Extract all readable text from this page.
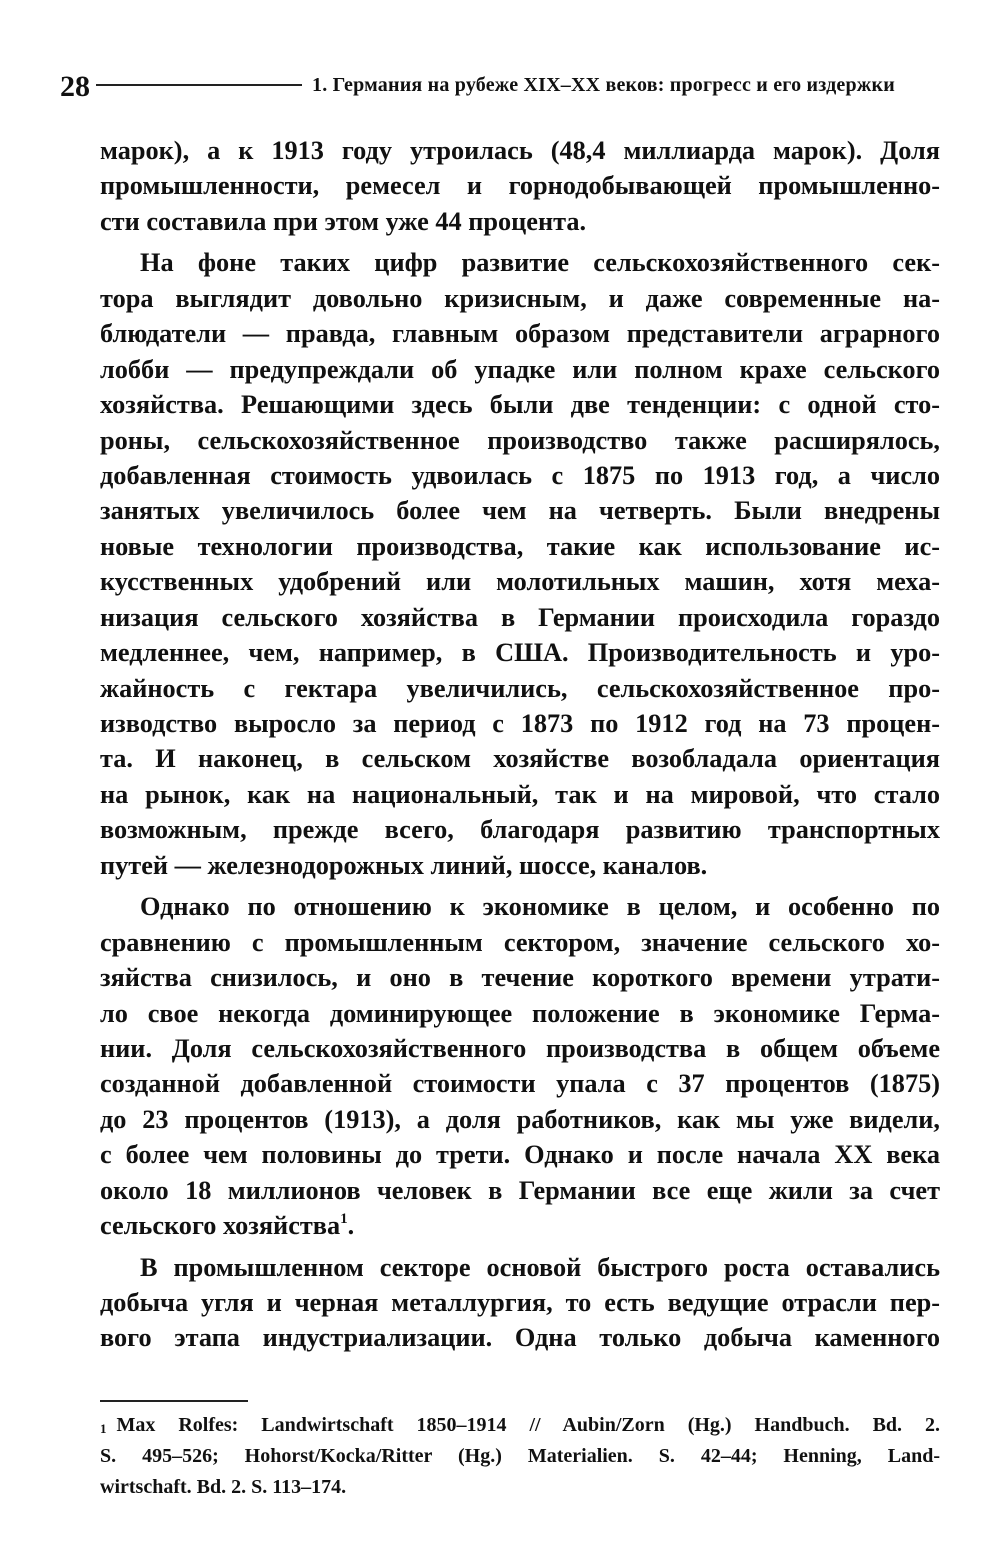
28	1. Германия на рубеже XIX–XX веков: прогресс и его издержки
марок), а к 1913 году утроилась (48,4 миллиарда марок). Доля
промышленности, ремесел и горнодобывающей промышленно-
сти составила при этом уже 44 процента.
На фоне таких цифр развитие сельскохозяйственного сек-
тора выглядит довольно кризисным, и даже современные на-
блюдатели — правда, главным образом представители аграрного
лобби — предупреждали об упадке или полном крахе сельского
хозяйства. Решающими здесь были две тенденции: с одной сто-
роны, сельскохозяйственное производство также расширялось,
добавленная стоимость удвоилась с 1875 по 1913 год, а число
занятых увеличилось более чем на четверть. Были внедрены
новые технологии производства, такие как использование ис-
кусственных удобрений или молотильных машин, хотя меха-
низация сельского хозяйства в Германии происходила гораздо
медленнее, чем, например, в США. Производительность и уро-
жайность с гектара увеличились, сельскохозяйственное про-
изводство выросло за период с 1873 по 1912 год на 73 процен-
та. И наконец, в сельском хозяйстве возобладала ориентация
на рынок, как на национальный, так и на мировой, что стало
возможным, прежде всего, благодаря развитию транспортных
путей — железнодорожных линий, шоссе, каналов.
Однако по отношению к экономике в целом, и особенно по
сравнению с промышленным сектором, значение сельского хо-
зяйства снизилось, и оно в течение короткого времени утрати-
ло свое некогда доминирующее положение в экономике Герма-
нии. Доля сельскохозяйственного производства в общем объеме
созданной добавленной стоимости упала с 37 процентов (1875)
до 23 процентов (1913), а доля работников, как мы уже видели,
с более чем половины до трети. Однако и после начала XX века
около 18 миллионов человек в Германии все еще жили за счет
сельского хозяйства$^1$.
В промышленном секторе основой быстрого роста оставались
добыча угля и черная металлургия, то есть ведущие отрасли пер-
вого этапа индустриализации. Одна только добыча каменного
$^1$ Max Rolfes: Landwirtschaft 1850–1914 // Aubin/Zorn (Hg.) Handbuch. Bd. 2.
S. 495–526; Hohorst/Kocka/Ritter (Hg.) Materialien. S. 42–44; Henning, Land-
wirtschaft. Bd. 2. S. 113–174.
